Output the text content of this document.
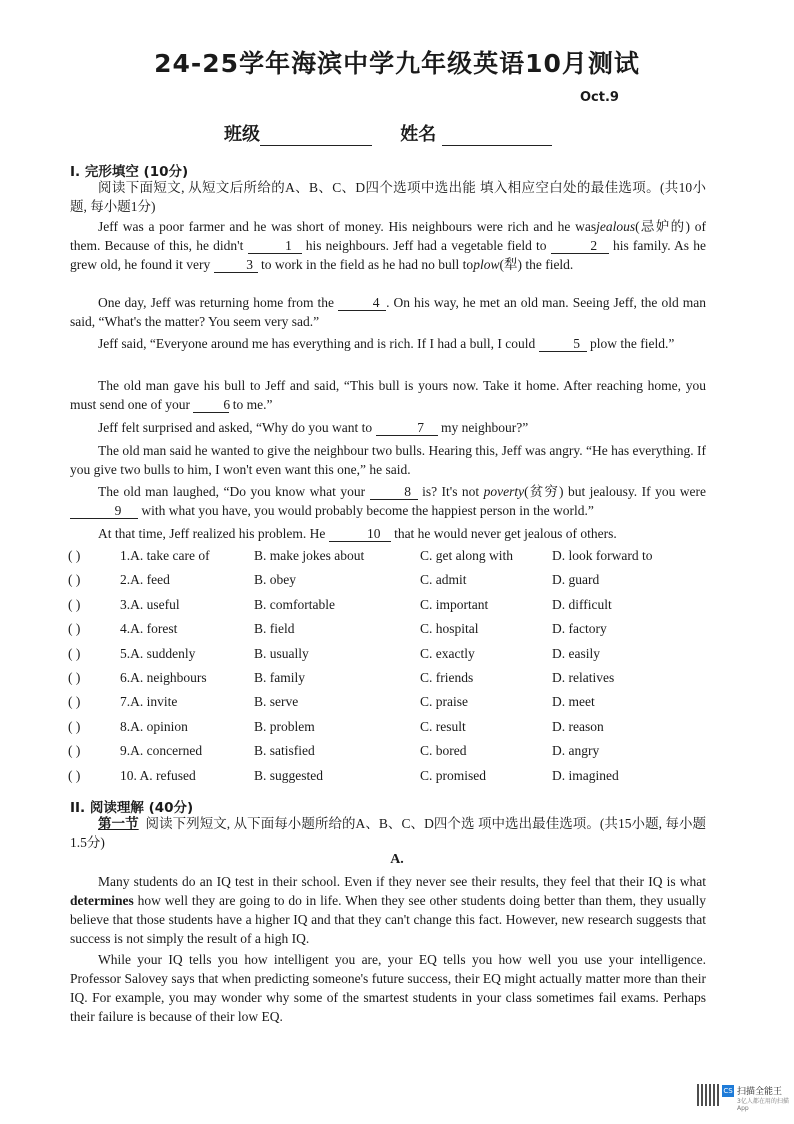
24-25学年海滨中学九年级英语10月测试
Oct.9
班级	姓名
I. 完形填空 (10分)
阅读下面短文, 从短文后所给的A、B、C、D四个选项中选出能 填入相应空白处的最佳选项。(共10小题, 每小题1分)
Jeff was a poor farmer and he was short of money. His neighbours were rich and he wasjealous(忌妒的) of them. Because of this, he didn't	1 his neighbours. Jeff had a vegetable field to	2 his family. As he grew old, he found it very	3 to work in the field as he had no bull toplow(犁) the field.
One day, Jeff was returning home from the	4 . On his way, he met an old man. Seeing Jeff, the old man said, “What's the matter? You seem very sad.”
Jeff said, “Everyone around me has everything and is rich. If I had a bull, I could	5 plow the field.”
The old man gave his bull to Jeff and said, “This bull is yours now. Take it home. After reaching home, you must send one of your 6 to me.”
Jeff felt surprised and asked, “Why do you want to	7 my neighbour?”
The old man said he wanted to give the neighbour two bulls. Hearing this, Jeff was angry. “He has everything. If you give two bulls to him, I won't even want this one,” he said.
The old man laughed, “Do you know what your	8 is? It's not poverty(贫穷) but jealousy. If you were 9 with what you have, you would probably become the happiest person in the world.”
At that time, Jeff realized his problem. He	10 that he would never get jealous of others.
( )	1.A. take care of	B. make jokes about	C. get along with	D. look forward to
( )	2.A. feed	B. obey	C. admit	D. guard
( )	3.A. useful	B. comfortable	C. important	D. difficult
( )	4.A. forest	B. field	C. hospital	D. factory
( )	5.A. suddenly	B. usually	C. exactly	D. easily
( )	6.A. neighbours	B. family	C. friends	D. relatives
( )	7.A. invite	B. serve	C. praise	D. meet
( )	8.A. opinion	B. problem	C. result	D. reason
( )	9.A. concerned	B. satisfied	C. bored	D. angry
( )	10. A. refused	B. suggested	C. promised	D. imagined
II. 阅读理解 (40分)
第一节 阅读下列短文, 从下面每小题所给的A、B、C、D四个选 项中选出最佳选项。(共15小题, 每小题1.5分)
A.
Many students do an IQ test in their school. Even if they never see their results, they feel that their IQ is what determines how well they are going to do in life. When they see other students doing better than them, they usually believe that those students have a higher IQ and that they can't change this fact. However, new research suggests that success is not simply the result of a high IQ.
While your IQ tells you how intelligent you are, your EQ tells you how well you use your intelligence. Professor Salovey says that when predicting someone's future success, their EQ might actually matter more than their IQ. For example, you may wonder why some of the smartest students in your class sometimes fail exams. Perhaps their failure is because of their low EQ.
CS 扫描全能王
3亿人都在用的扫描App
